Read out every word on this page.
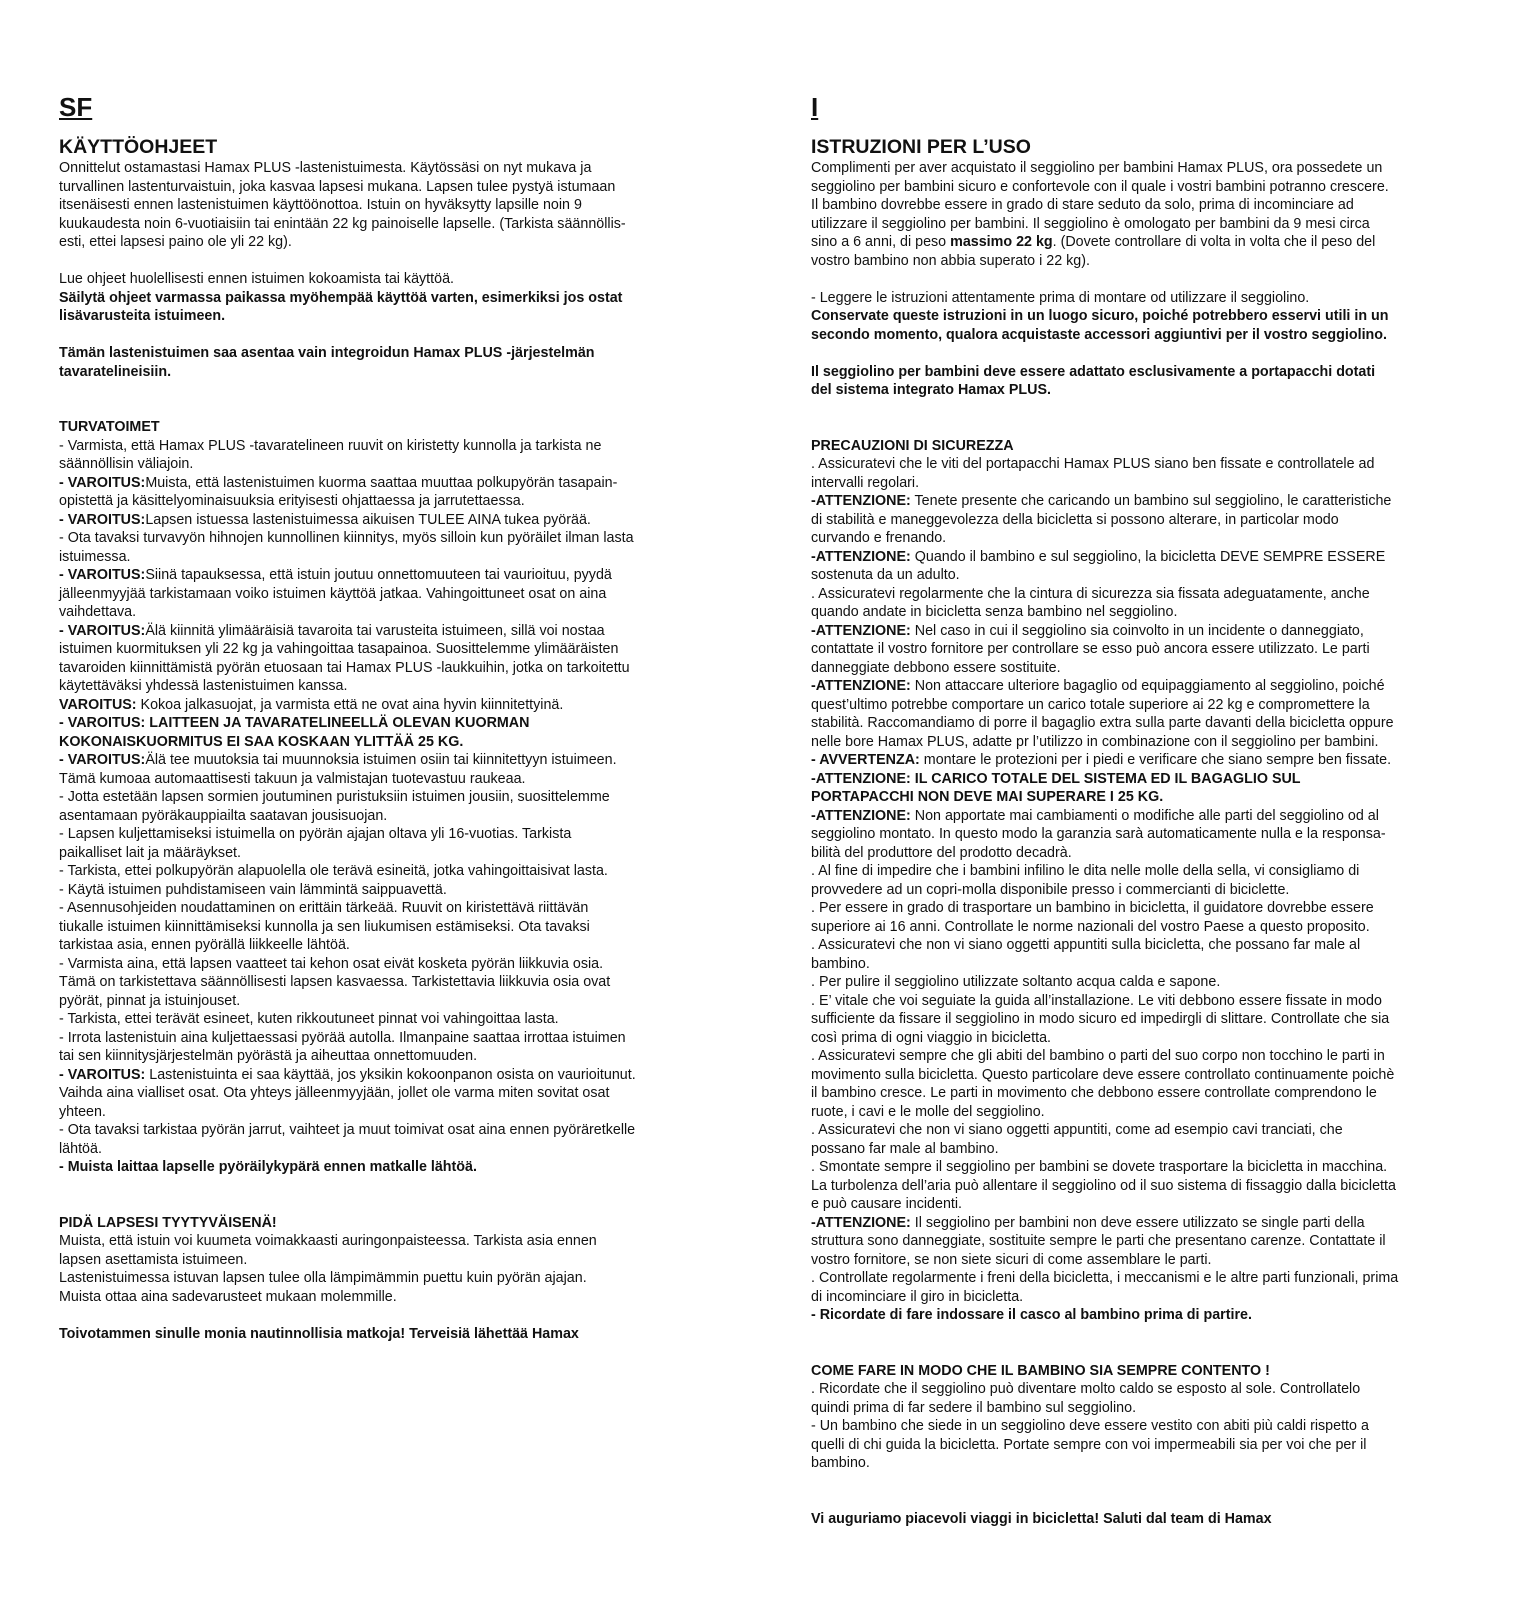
SF
KÄYTTÖOHJEET

Onnittelut ostamastasi Hamax PLUS -lastenistuimesta. Käytössäsi on nyt mukava ja
turvallinen lastenturvaistuin, joka kasvaa lapsesi mukana. Lapsen tulee pystyä istumaan
itsenäisesti ennen lastenistuimen käyttöönottoa. Istuin on hyväksytty lapsille noin 9
kuukaudesta noin 6-vuotiaisiin tai enintään 22 kg painoiselle lapselle. (Tarkista säännöllis-
esti, ettei lapsesi paino ole yli 22 kg).

Lue ohjeet huolellisesti ennen istuimen kokoamista tai käyttöä.

Säilytä ohjeet varmassa paikassa myöhempää käyttöä varten, esimerkiksi jos ostat
lisävarusteita istuimeen.

Tämän lastenistuimen saa asentaa vain integroidun Hamax PLUS -järjestelmän
tavaratelineisiin.

TURVATOIMET

- Varmista, että Hamax PLUS -tavaratelineen ruuvit on kiristetty kunnolla ja tarkista ne
säännöllisin väliajoin.

- VAROITUS:Muista, että lastenistuimen kuorma saattaa muuttaa polkupyörän tasapain-
opistettä ja käsittelyominaisuuksia erityisesti ohjattaessa ja jarrutettaessa.

- VAROITUS:Lapsen istuessa lastenistuimessa aikuisen TULEE AINA tukea pyörää.

- Ota tavaksi turvavyön hihnojen kunnollinen kiinnitys, myös silloin kun pyöräilet ilman lasta
istuimessa.

- VAROITUS:Siinä tapauksessa, että istuin joutuu onnettomuuteen tai vaurioituu, pyydä
jälleenmyyjää tarkistamaan voiko istuimen käyttöä jatkaa. Vahingoittuneet osat on aina
vaihdettava.

- VAROITUS:Älä kiinnitä ylimääräisiä tavaroita tai varusteita istuimeen, sillä voi nostaa
istuimen kuormituksen yli 22 kg ja vahingoittaa tasapainoa. Suosittelemme ylimääräisten
tavaroiden kiinnittämistä pyörän etuosaan tai Hamax PLUS -laukkuihin, jotka on tarkoitettu
käytettäväksi yhdessä lastenistuimen kanssa.

VAROITUS: Kokoa jalkasuojat, ja varmista että ne ovat aina hyvin kiinnitettyinä.

- VAROITUS: LAITTEEN JA TAVARATELINEELLÄ OLEVAN KUORMAN
KOKONAISKUORMITUS EI SAA KOSKAAN YLITTÄÄ 25 KG.

- VAROITUS:Älä tee muutoksia tai muunnoksia istuimen osiin tai kiinnitettyyn istuimeen.
Tämä kumoaa automaattisesti takuun ja valmistajan tuotevastuu raukeaa.

- Jotta estetään lapsen sormien joutuminen puristuksiin istuimen jousiin, suosittelemme
asentamaan pyöräkauppiailta saatavan jousisuojan.

- Lapsen kuljettamiseksi istuimella on pyörän ajajan oltava yli 16-vuotias. Tarkista
paikalliset lait ja määräykset.

- Tarkista, ettei polkupyörän alapuolella ole terävä esineitä, jotka vahingoittaisivat lasta.

- Käytä istuimen puhdistamiseen vain lämmintä saippuavettä.

- Asennusohjeiden noudattaminen on erittäin tärkeää. Ruuvit on kiristettävä riittävän
tiukalle istuimen kiinnittämiseksi kunnolla ja sen liukumisen estämiseksi. Ota tavaksi
tarkistaa asia, ennen pyörällä liikkeelle lähtöä.

- Varmista aina, että lapsen vaatteet tai kehon osat eivät kosketa pyörän liikkuvia osia.
Tämä on tarkistettava säännöllisesti lapsen kasvaessa. Tarkistettavia liikkuvia osia ovat
pyörät, pinnat ja istuinjouset.

- Tarkista, ettei terävät esineet, kuten rikkoutuneet pinnat voi vahingoittaa lasta.

- Irrota lastenistuin aina kuljettaessasi pyörää autolla. Ilmanpaine saattaa irrottaa istuimen
tai sen kiinnitysjärjestelmän pyörästä ja aiheuttaa onnettomuuden.

- VAROITUS: Lastenistuinta ei saa käyttää, jos yksikin kokoonpanon osista on vaurioitunut.
Vaihda aina vialliset osat. Ota yhteys jälleenmyyjään, jollet ole varma miten sovitat osat
yhteen.

- Ota tavaksi tarkistaa pyörän jarrut, vaihteet ja muut toimivat osat aina ennen pyöräretkelle
lähtöä.

- Muista laittaa lapselle pyöräilykypärä ennen matkalle lähtöä.

PIDÄ LAPSESI TYYTYVÄISENÄ!

Muista, että istuin voi kuumeta voimakkaasti auringonpaisteessa. Tarkista asia ennen
lapsen asettamista istuimeen.
Lastenistuimessa istuvan lapsen tulee olla lämpimämmin puettu kuin pyörän ajajan.
Muista ottaa aina sadevarusteet mukaan molemmille.

Toivotammen sinulle monia nautinnollisia matkoja! Terveisiä lähettää Hamax

I
ISTRUZIONI PER L’USO

Complimenti per aver acquistato il seggiolino per bambini Hamax PLUS, ora possedete un
seggiolino per bambini sicuro e confortevole con il quale i vostri bambini potranno crescere.
Il bambino dovrebbe essere in grado di stare seduto da solo, prima di incominciare ad
utilizzare il seggiolino per bambini. Il seggiolino è omologato per bambini da 9 mesi circa
sino a 6 anni, di peso massimo 22 kg. (Dovete controllare di volta in volta che il peso del
vostro bambino non abbia superato i 22 kg).

- Leggere le istruzioni attentamente prima di montare od utilizzare il seggiolino.

Conservate queste istruzioni in un luogo sicuro, poiché potrebbero esservi utili in un
secondo momento, qualora acquistaste accessori aggiuntivi per il vostro seggiolino.

Il seggiolino per bambini deve essere adattato esclusivamente a portapacchi dotati
del sistema integrato Hamax PLUS.

PRECAUZIONI DI SICUREZZA

. Assicuratevi che le viti del portapacchi Hamax PLUS siano ben fissate e controllatele ad
intervalli regolari.

-ATTENZIONE: Tenete presente che caricando un bambino sul seggiolino, le caratteristiche
di stabilità e maneggevolezza della bicicletta si possono alterare, in particolar modo
curvando e frenando.

-ATTENZIONE: Quando il bambino e sul seggiolino, la bicicletta DEVE SEMPRE ESSERE
sostenuta da un adulto.

. Assicuratevi regolarmente che la cintura di sicurezza sia fissata adeguatamente, anche
quando andate in bicicletta senza bambino nel seggiolino.

-ATTENZIONE: Nel caso in cui il seggiolino sia coinvolto in un incidente o danneggiato,
contattate il vostro fornitore per controllare se esso può ancora essere utilizzato. Le parti
danneggiate debbono essere sostituite.

-ATTENZIONE: Non attaccare ulteriore bagaglio od equipaggiamento al seggiolino, poiché
quest’ultimo potrebbe comportare un carico totale superiore ai 22 kg e compromettere la
stabilità. Raccomandiamo di porre il bagaglio extra sulla parte davanti della bicicletta oppure
nelle bore Hamax PLUS, adatte pr l’utilizzo in combinazione con il seggiolino per bambini.

- AVVERTENZA: montare le protezioni per i piedi e verificare che siano sempre ben fissate.

-ATTENZIONE: IL CARICO TOTALE DEL SISTEMA ED IL BAGAGLIO SUL
PORTAPACCHI NON DEVE MAI SUPERARE I 25 KG.

-ATTENZIONE: Non apportate mai cambiamenti o modifiche alle parti del seggiolino od al
seggiolino montato. In questo modo la garanzia sarà automaticamente nulla e la responsa-
bilità del produttore del prodotto decadrà.

. Al fine di impedire che i bambini infilino le dita nelle molle della sella, vi consigliamo di
provvedere ad un copri-molla disponibile presso i commercianti di biciclette.

. Per essere in grado di trasportare un bambino in bicicletta, il guidatore dovrebbe essere
superiore ai 16 anni. Controllate le norme nazionali del vostro Paese a questo proposito.

. Assicuratevi che non vi siano oggetti appuntiti sulla bicicletta, che possano far male al
bambino.

. Per pulire il seggiolino utilizzate soltanto acqua calda e sapone.

. E’ vitale che voi seguiate la guida all’installazione. Le viti debbono essere fissate in modo
sufficiente da fissare il seggiolino in modo sicuro ed impedirgli di slittare. Controllate che sia
così prima di ogni viaggio in bicicletta.

. Assicuratevi sempre che gli abiti del bambino o parti del suo corpo non tocchino le parti in
movimento sulla bicicletta. Questo particolare deve essere controllato continuamente poichè
il bambino cresce. Le parti in movimento che debbono essere controllate comprendono le
ruote, i cavi e le molle del seggiolino.

. Assicuratevi che non vi siano oggetti appuntiti, come ad esempio cavi tranciati, che
possano far male al bambino.

. Smontate sempre il seggiolino per bambini se dovete trasportare la bicicletta in macchina.
La turbolenza dell’aria può allentare il seggiolino od il suo sistema di fissaggio dalla bicicletta
e può causare incidenti.

-ATTENZIONE: Il seggiolino per bambini non deve essere utilizzato se single parti della
struttura sono danneggiate, sostituite sempre le parti che presentano carenze. Contattate il
vostro fornitore, se non siete sicuri di come assemblare le parti.

. Controllate regolarmente i freni della bicicletta, i meccanismi e le altre parti funzionali, prima
di incominciare il giro in bicicletta.

- Ricordate di fare indossare il casco al bambino prima di partire.

COME FARE IN MODO CHE IL BAMBINO SIA SEMPRE CONTENTO !

. Ricordate che il seggiolino può diventare molto caldo se esposto al sole. Controllatelo
quindi prima di far sedere il bambino sul seggiolino.
- Un bambino che siede in un seggiolino deve essere vestito con abiti più caldi rispetto a
quelli di chi guida la bicicletta. Portate sempre con voi impermeabili sia per voi che per il
bambino.

Vi auguriamo piacevoli viaggi in bicicletta! Saluti dal team di Hamax
